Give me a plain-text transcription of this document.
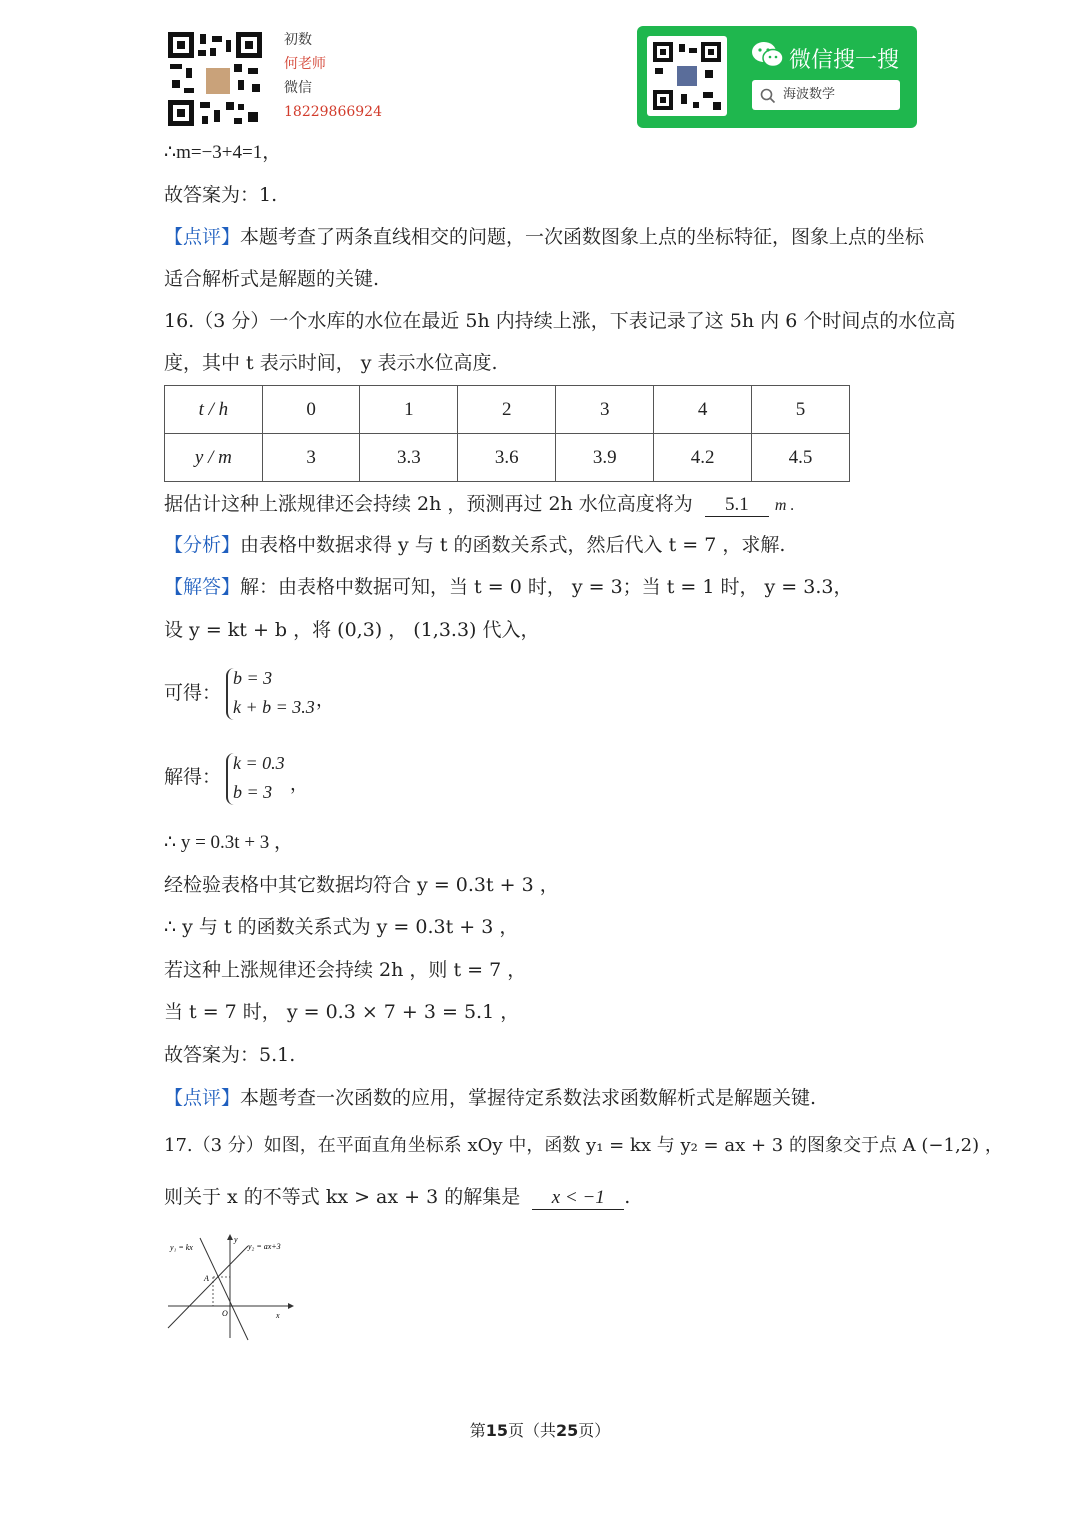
初数
何老师
微信
18229866924
微信搜一搜
海波数学
∴m=−3+4=1，
故答案为：1.
【点评】本题考查了两条直线相交的问题，一次函数图象上点的坐标特征，图象上点的坐标
适合解析式是解题的关键.
16.（3 分）一个水库的水位在最近 5h 内持续上涨，下表记录了这 5h 内 6 个时间点的水位高
度，其中 t 表示时间， y 表示水位高度.
t / h	0	1	2	3	4	5
y / m	3	3.3	3.6	3.9	4.2	4.5
据估计这种上涨规律还会持续 2h ，预测再过 2h 水位高度将为 5.1 m .
【分析】由表格中数据求得 y 与 t 的函数关系式，然后代入 t = 7 ，求解.
【解答】解：由表格中数据可知，当 t = 0 时， y = 3；当 t = 1 时， y = 3.3，
设 y = kt + b ，将 (0,3) ， (1,3.3) 代入，
可得：
b = 3
k + b = 3.3 ，
解得：
k = 0.3
b = 3 ，
∴ y = 0.3t + 3 ，
经检验表格中其它数据均符合 y = 0.3t + 3 ，
∴ y 与 t 的函数关系式为 y = 0.3t + 3 ，
若这种上涨规律还会持续 2h ，则 t = 7 ，
当 t = 7 时， y = 0.3 × 7 + 3 = 5.1 ，
故答案为：5.1.
【点评】本题考查一次函数的应用，掌握待定系数法求函数解析式是解题关键.
17.（3 分）如图，在平面直角坐标系 xOy 中，函数 y₁ = kx 与 y₂ = ax + 3 的图象交于点 A (−1,2) ，
则关于 x 的不等式 kx > ax + 3 的解集是 x < −1 .
y₁ = kx	y₂ = ax+3
A
O	x
y
第15页（共25页）
